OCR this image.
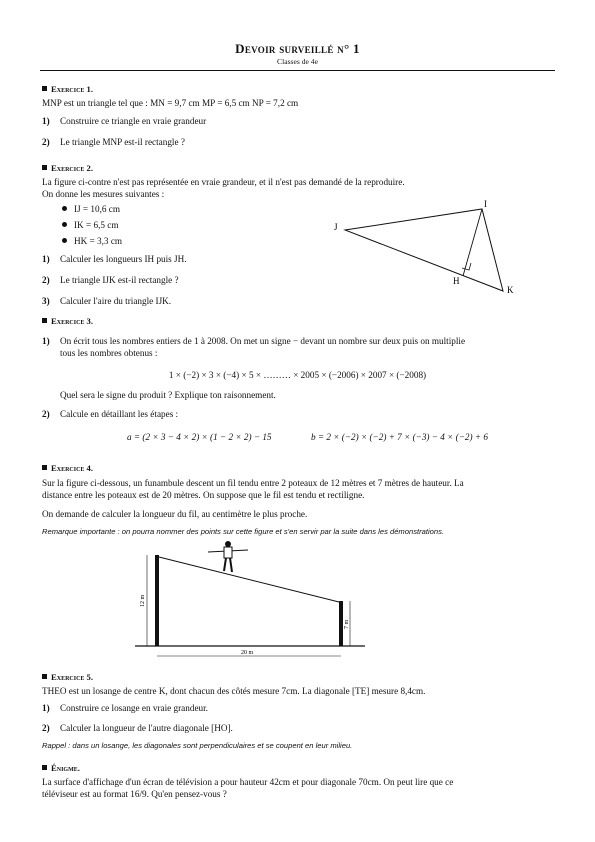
Devoir surveillé n° 1
Classes de 4e
Exercice 1.
MNP est un triangle tel que : MN = 9,7 cm MP = 6,5 cm NP = 7,2 cm
1) Construire ce triangle en vraie grandeur
2) Le triangle MNP est-il rectangle ?
Exercice 2.
La figure ci-contre n'est pas représentée en vraie grandeur, et il n'est pas demandé de la reproduire.
On donne les mesures suivantes :
IJ = 10,6 cm
IK = 6,5 cm
HK = 3,3 cm
1) Calculer les longueurs IH puis JH.
2) Le triangle IJK est-il rectangle ?
3) Calculer l'aire du triangle IJK.
I
J
H
K
Exercice 3.
1) On écrit tous les nombres entiers de 1 à 2008. On met un signe − devant un nombre sur deux puis on multiplie
tous les nombres obtenus :
1 × (−2) × 3 × (−4) × 5 × ……… × 2005 × (−2006) × 2007 × (−2008)
Quel sera le signe du produit ? Explique ton raisonnement.
2) Calcule en détaillant les étapes :
a = (2 × 3 − 4 × 2) × (1 − 2 × 2) − 15	b = 2 × (−2) × (−2) + 7 × (−3) − 4 × (−2) + 6
Exercice 4.
Sur la figure ci-dessous, un funambule descent un fil tendu entre 2 poteaux de 12 mètres et 7 mètres de hauteur. La
distance entre les poteaux est de 20 mètres. On suppose que le fil est tendu et rectiligne.
On demande de calculer la longueur du fil, au centimètre le plus proche.
Remarque importante : on pourra nommer des points sur cette figure et s'en servir par la suite dans les démonstrations.
12 m
7 m
20 m
Exercice 5.
THEO est un losange de centre K, dont chacun des côtés mesure 7cm. La diagonale [TE] mesure 8,4cm.
1) Construire ce losange en vraie grandeur.
2) Calculer la longueur de l'autre diagonale [HO].
Rappel : dans un losange, les diagonales sont perpendiculaires et se coupent en leur milieu.
Énigme.
La surface d'affichage d'un écran de télévision a pour hauteur 42cm et pour diagonale 70cm. On peut lire que ce
téléviseur est au format 16/9. Qu'en pensez-vous ?
